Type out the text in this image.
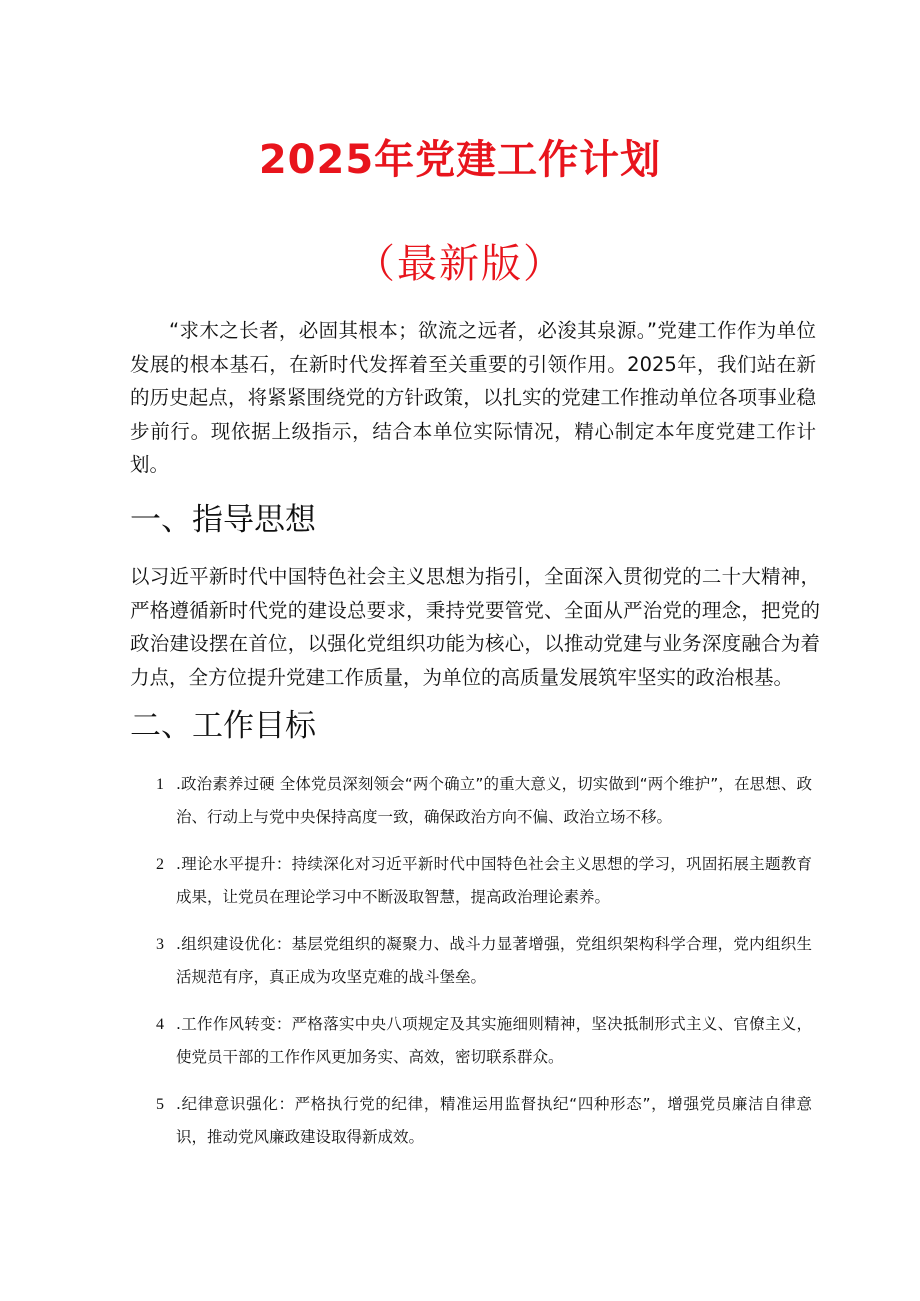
2025年党建工作计划
（最新版）

“求木之长者，必固其根本；欲流之远者，必浚其泉源。”党建工作作为单位发展的根本基石，在新时代发挥着至关重要的引领作用。2025年，我们站在新的历史起点，将紧紧围绕党的方针政策，以扎实的党建工作推动单位各项事业稳步前行。现依据上级指示，结合本单位实际情况，精心制定本年度党建工作计划。

一、指导思想

以习近平新时代中国特色社会主义思想为指引，全面深入贯彻党的二十大精神，严格遵循新时代党的建设总要求，秉持党要管党、全面从严治党的理念，把党的政治建设摆在首位，以强化党组织功能为核心，以推动党建与业务深度融合为着力点，全方位提升党建工作质量，为单位的高质量发展筑牢坚实的政治根基。

二、工作目标
1 .政治素养过硬 全体党员深刻领会“两个确立”的重大意义，切实做到“两个维护”，在思想、政治、行动上与党中央保持高度一致，确保政治方向不偏、政治立场不移。
2 .理论水平提升：持续深化对习近平新时代中国特色社会主义思想的学习，巩固拓展主题教育成果，让党员在理论学习中不断汲取智慧，提高政治理论素养。
3 .组织建设优化：基层党组织的凝聚力、战斗力显著增强，党组织架构科学合理，党内组织生活规范有序，真正成为攻坚克难的战斗堡垒。
4 .工作作风转变：严格落实中央八项规定及其实施细则精神，坚决抵制形式主义、官僚主义，使党员干部的工作作风更加务实、高效，密切联系群众。
5 .纪律意识强化：严格执行党的纪律，精准运用监督执纪“四种形态”，增强党员廉洁自律意识，推动党风廉政建设取得新成效。
